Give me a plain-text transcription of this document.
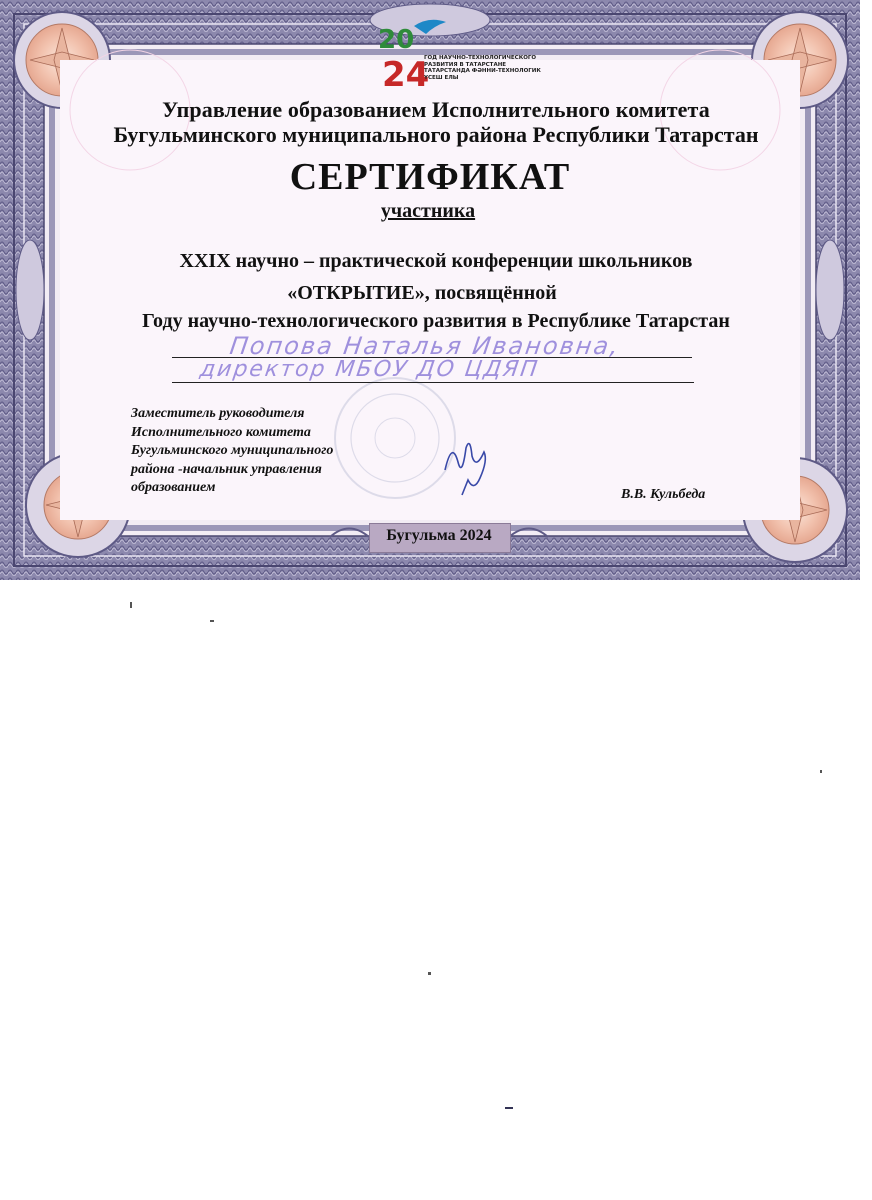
20
24
ГОД НАУЧНО-ТЕХНОЛОГИЧЕСКОГО
РАЗВИТИЯ В ТАТАРСТАНЕ
ТАТАРСТАНДА ФӘННИ-ТЕХНОЛОГИК
ҮСЕШ ЕЛЫ
Управление образованием Исполнительного комитета
Бугульминского муниципального района Республики Татарстан
СЕРТИФИКАТ
участника
XXIX научно – практической конференции школьников
«ОТКРЫТИЕ», посвящённой
Году научно-технологического развития в Республике Татарстан
Попова Наталья Ивановна,
директор МБОУ ДО ЦДЯП
Заместитель руководителя
Исполнительного комитета
Бугульминского муниципального
района -начальник управления
образованием	В.В. Кульбеда
Бугульма 2024
